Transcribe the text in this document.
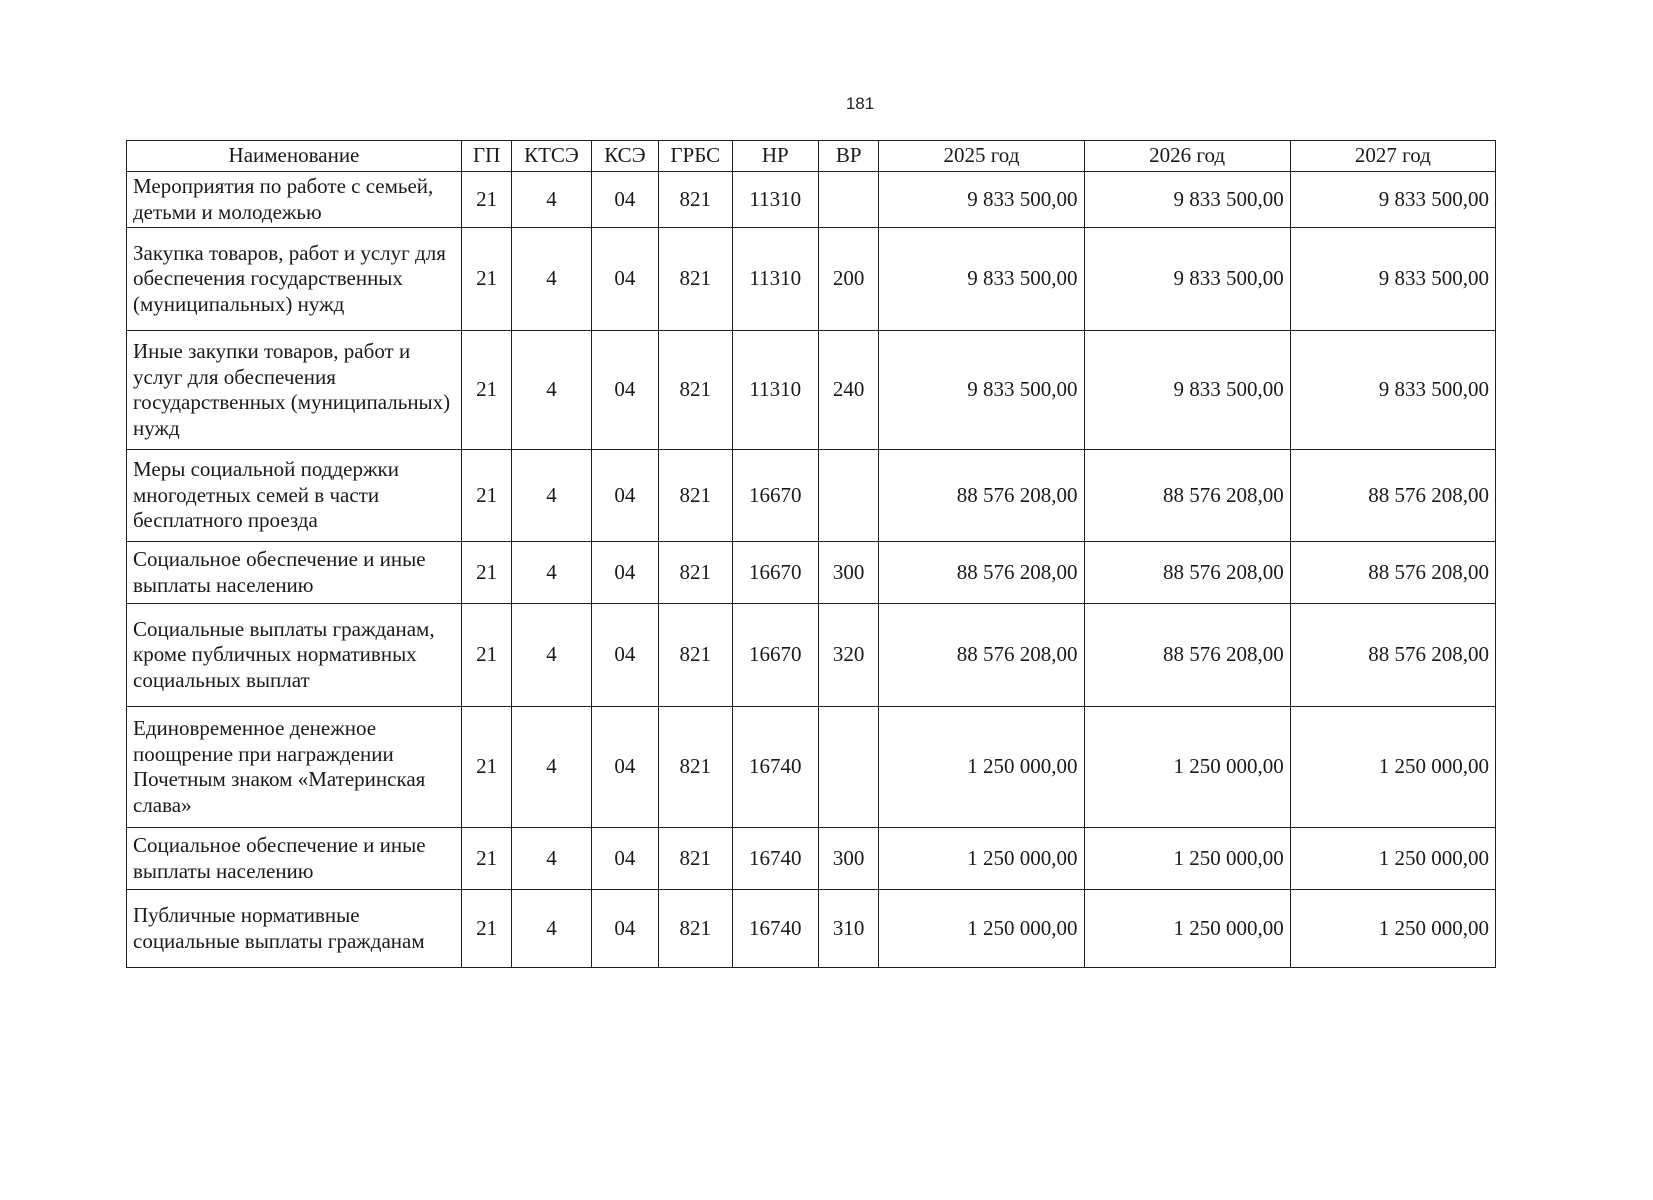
181
Наименование	ГП	КТСЭ	КСЭ	ГРБС	НР	ВР	2025 год	2026 год	2027 год
Мероприятия по работе с семьей, детьми и молодежью	21	4	04	821	11310		9 833 500,00	9 833 500,00	9 833 500,00
Закупка товаров, работ и услуг для обеспечения государственных (муниципальных) нужд	21	4	04	821	11310	200	9 833 500,00	9 833 500,00	9 833 500,00
Иные закупки товаров, работ и услуг для обеспечения государственных (муниципальных) нужд	21	4	04	821	11310	240	9 833 500,00	9 833 500,00	9 833 500,00
Меры социальной поддержки многодетных семей в части бесплатного проезда	21	4	04	821	16670		88 576 208,00	88 576 208,00	88 576 208,00
Социальное обеспечение и иные выплаты населению	21	4	04	821	16670	300	88 576 208,00	88 576 208,00	88 576 208,00
Социальные выплаты гражданам, кроме публичных нормативных социальных выплат	21	4	04	821	16670	320	88 576 208,00	88 576 208,00	88 576 208,00
Единовременное денежное поощрение при награждении Почетным знаком «Материнская слава»	21	4	04	821	16740		1 250 000,00	1 250 000,00	1 250 000,00
Социальное обеспечение и иные выплаты населению	21	4	04	821	16740	300	1 250 000,00	1 250 000,00	1 250 000,00
Публичные нормативные социальные выплаты гражданам	21	4	04	821	16740	310	1 250 000,00	1 250 000,00	1 250 000,00
